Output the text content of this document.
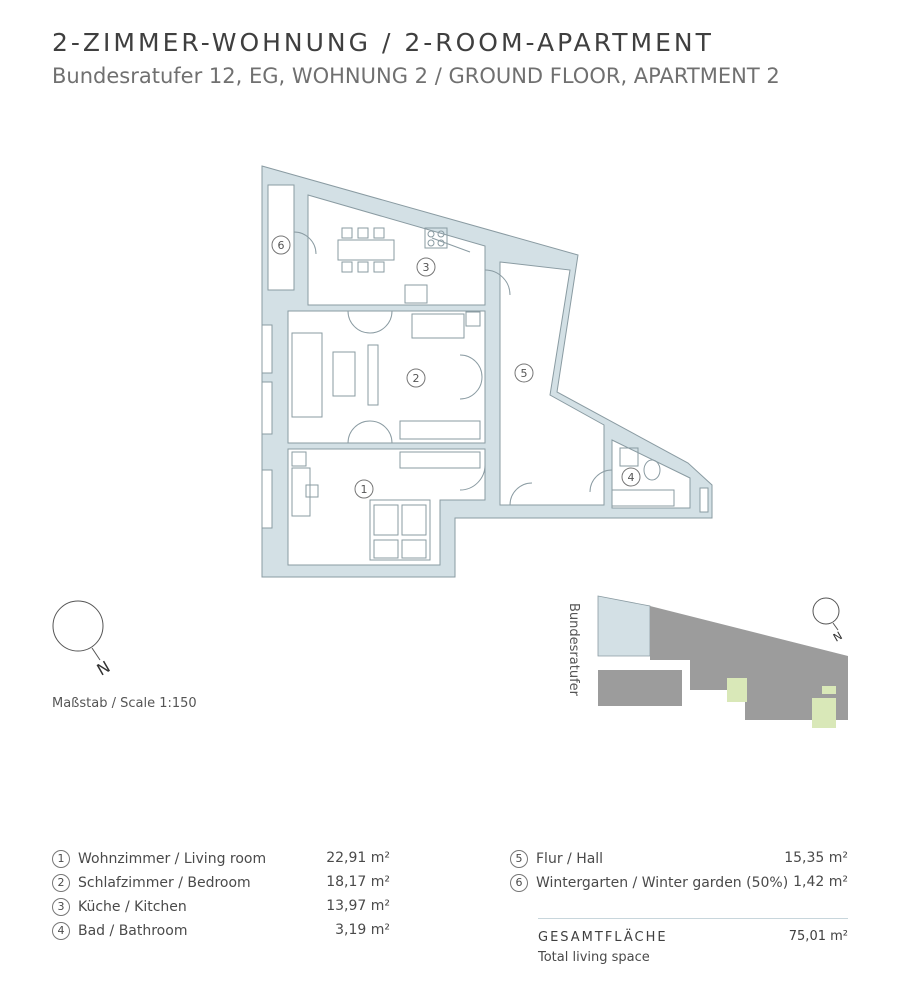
2-ZIMMER-WOHNUNG / 2-ROOM-APARTMENT
Bundesratufer 12, EG, WOHNUNG 2 / GROUND FLOOR, APARTMENT 2
1
2
3
4
5
6
N
N
Bundesratufer
Maßstab / Scale 1:150
1 Wohnzimmer / Living room	22,91 m²
2 Schlafzimmer / Bedroom	18,17 m²
3 Küche / Kitchen	13,97 m²
4 Bad / Bathroom	3,19 m²
5 Flur / Hall	15,35 m²
6 Wintergarten / Winter garden (50%) 1,42 m²
GESAMTFLÄCHE
Total living space
75,01 m²
